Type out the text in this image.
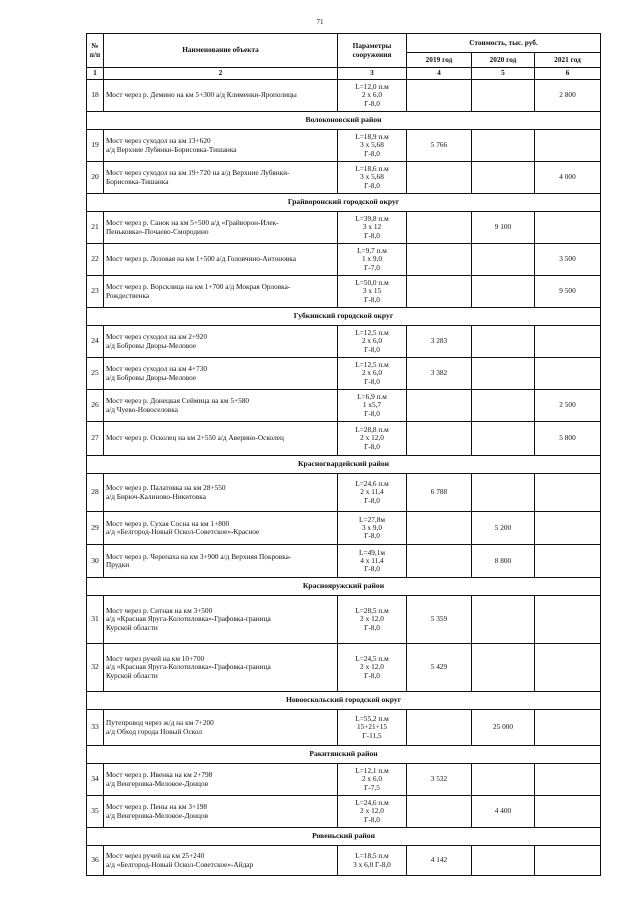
71
№ п/п	Наименование объекта	Параметры сооружения	Стоимость, тыс. руб.		
			2019 год	2020 год	2021 год
1	2	3	4	5	6
18	Мост через р. Демино на км 5+300 а/д Клименки-Ярополицы	L=12,0 п.м
2 х 6,0
Г-8,0			2 800
Волоконовский район					
19	Мост через суходол на км 13+620
а/д Верхние Лубянки-Борисовка-Тишанка	L=18,9 п.м
3 х 5,68
Г-8,0	5 766		
20	Мост через суходол на км 19+720 на а/д Верхние Лубянки-
Борисовка-Тишанка	L=18,6 п.м
3 х 5,68
Г-8,0			4 000
Грайворонский городской округ					
21	Мост через р. Санок на км 5+500 а/д «Грайворон-Илек-
Пеньковка»-Почаево-Смородино	L=39,8 п.м
3 х 12
Г-8,0		9 100	
22	Мост через р. Лозовая на км 1+500 а/д Головчино-Антоновка	L=9,7 п.м
1 х 9,0
Г-7,0			3 500
23	Мост через р. Ворсклица на км 1+700 а/д Мокрая Орловка-
Рождественка	L=50,0 п.м
3 х 15
Г-8,0			9 500
Губкинский городской округ					
24	Мост через суходол на км 2+920
а/д Бобровы Дворы-Меловое	L=12,5 п.м
2 х 6,0
Г-8,0	3 283		
25	Мост через суходол на км 4+730
а/д Бобровы Дворы-Меловое	L=12,5 п.м
2 х 6,0
Г-8,0	3 382		
26	Мост через р. Донецкая Сеймица на км 5+580
а/д Чуево-Новоселовка	L=6,9 п.м
1 х5,7
Г-8,0			2 500
27	Мост через р. Осколец на км 2+550 а/д Аверино-Осколец	L=28,8 п.м
2 х 12,0
Г-8,0			5 800
Красногвардейский район					
28	Мост через р. Палатовка на км 28+550
а/д Бирюч-Калиново-Никитовка	L=24,6 п.м
2 х 11,4
Г-8,0	6 788		
29	Мост через р. Сухая Сосна на км 1+800
а/д «Белгород-Новый Оскол-Советское»-Красное	L=27,8м
3 х 9,0
Г-8,0		5 200	
30	Мост через р. Черепаха на км 3+900 а/д Верхняя Покровка-
Прудки	L=49,1м
4 х 11,4
Г-8,0		8 800	
Краснояружский район					
31	Мост через р. Ситная на км 3+500
а/д «Красная Яруга-Колотиловка»-Графовка-граница
Курской области	L=28,5 п.м
2 х 12,0
Г-8,0	5 359		
32	Мост через ручей на км 10+700
а/д «Красная Яруга-Колотиловка»-Графовка-граница
Курской области	L=24,5 п.м
2 х 12,0
Г-8,0	5 429		
Новооскольский городской округ					
33	Путепровод через ж/д на км 7+200
а/д Обход города Новый Оскол	L=55,2 п.м
15+21+15
Г-11,5		25 000	
Ракитянский район					
34	Мост через р. Ивенка на км 2+798
а/д Венгеровка-Меловое-Донцов	L=12,1 п.м
2 х 6,0
Г-7,5	3 532		
35	Мост через р. Пены на км 3+198
а/д Венгеровка-Меловое-Донцов	L=24,6 п.м
2 х 12,0
Г-8,0		4 400	
Ровеньский район					
36	Мост через ручей на км 25+240
а/д «Белгород-Новый Оскол-Советское»-Айдар	L=18,5 п.м
3 х 6,0 Г-8,0	4 142		
